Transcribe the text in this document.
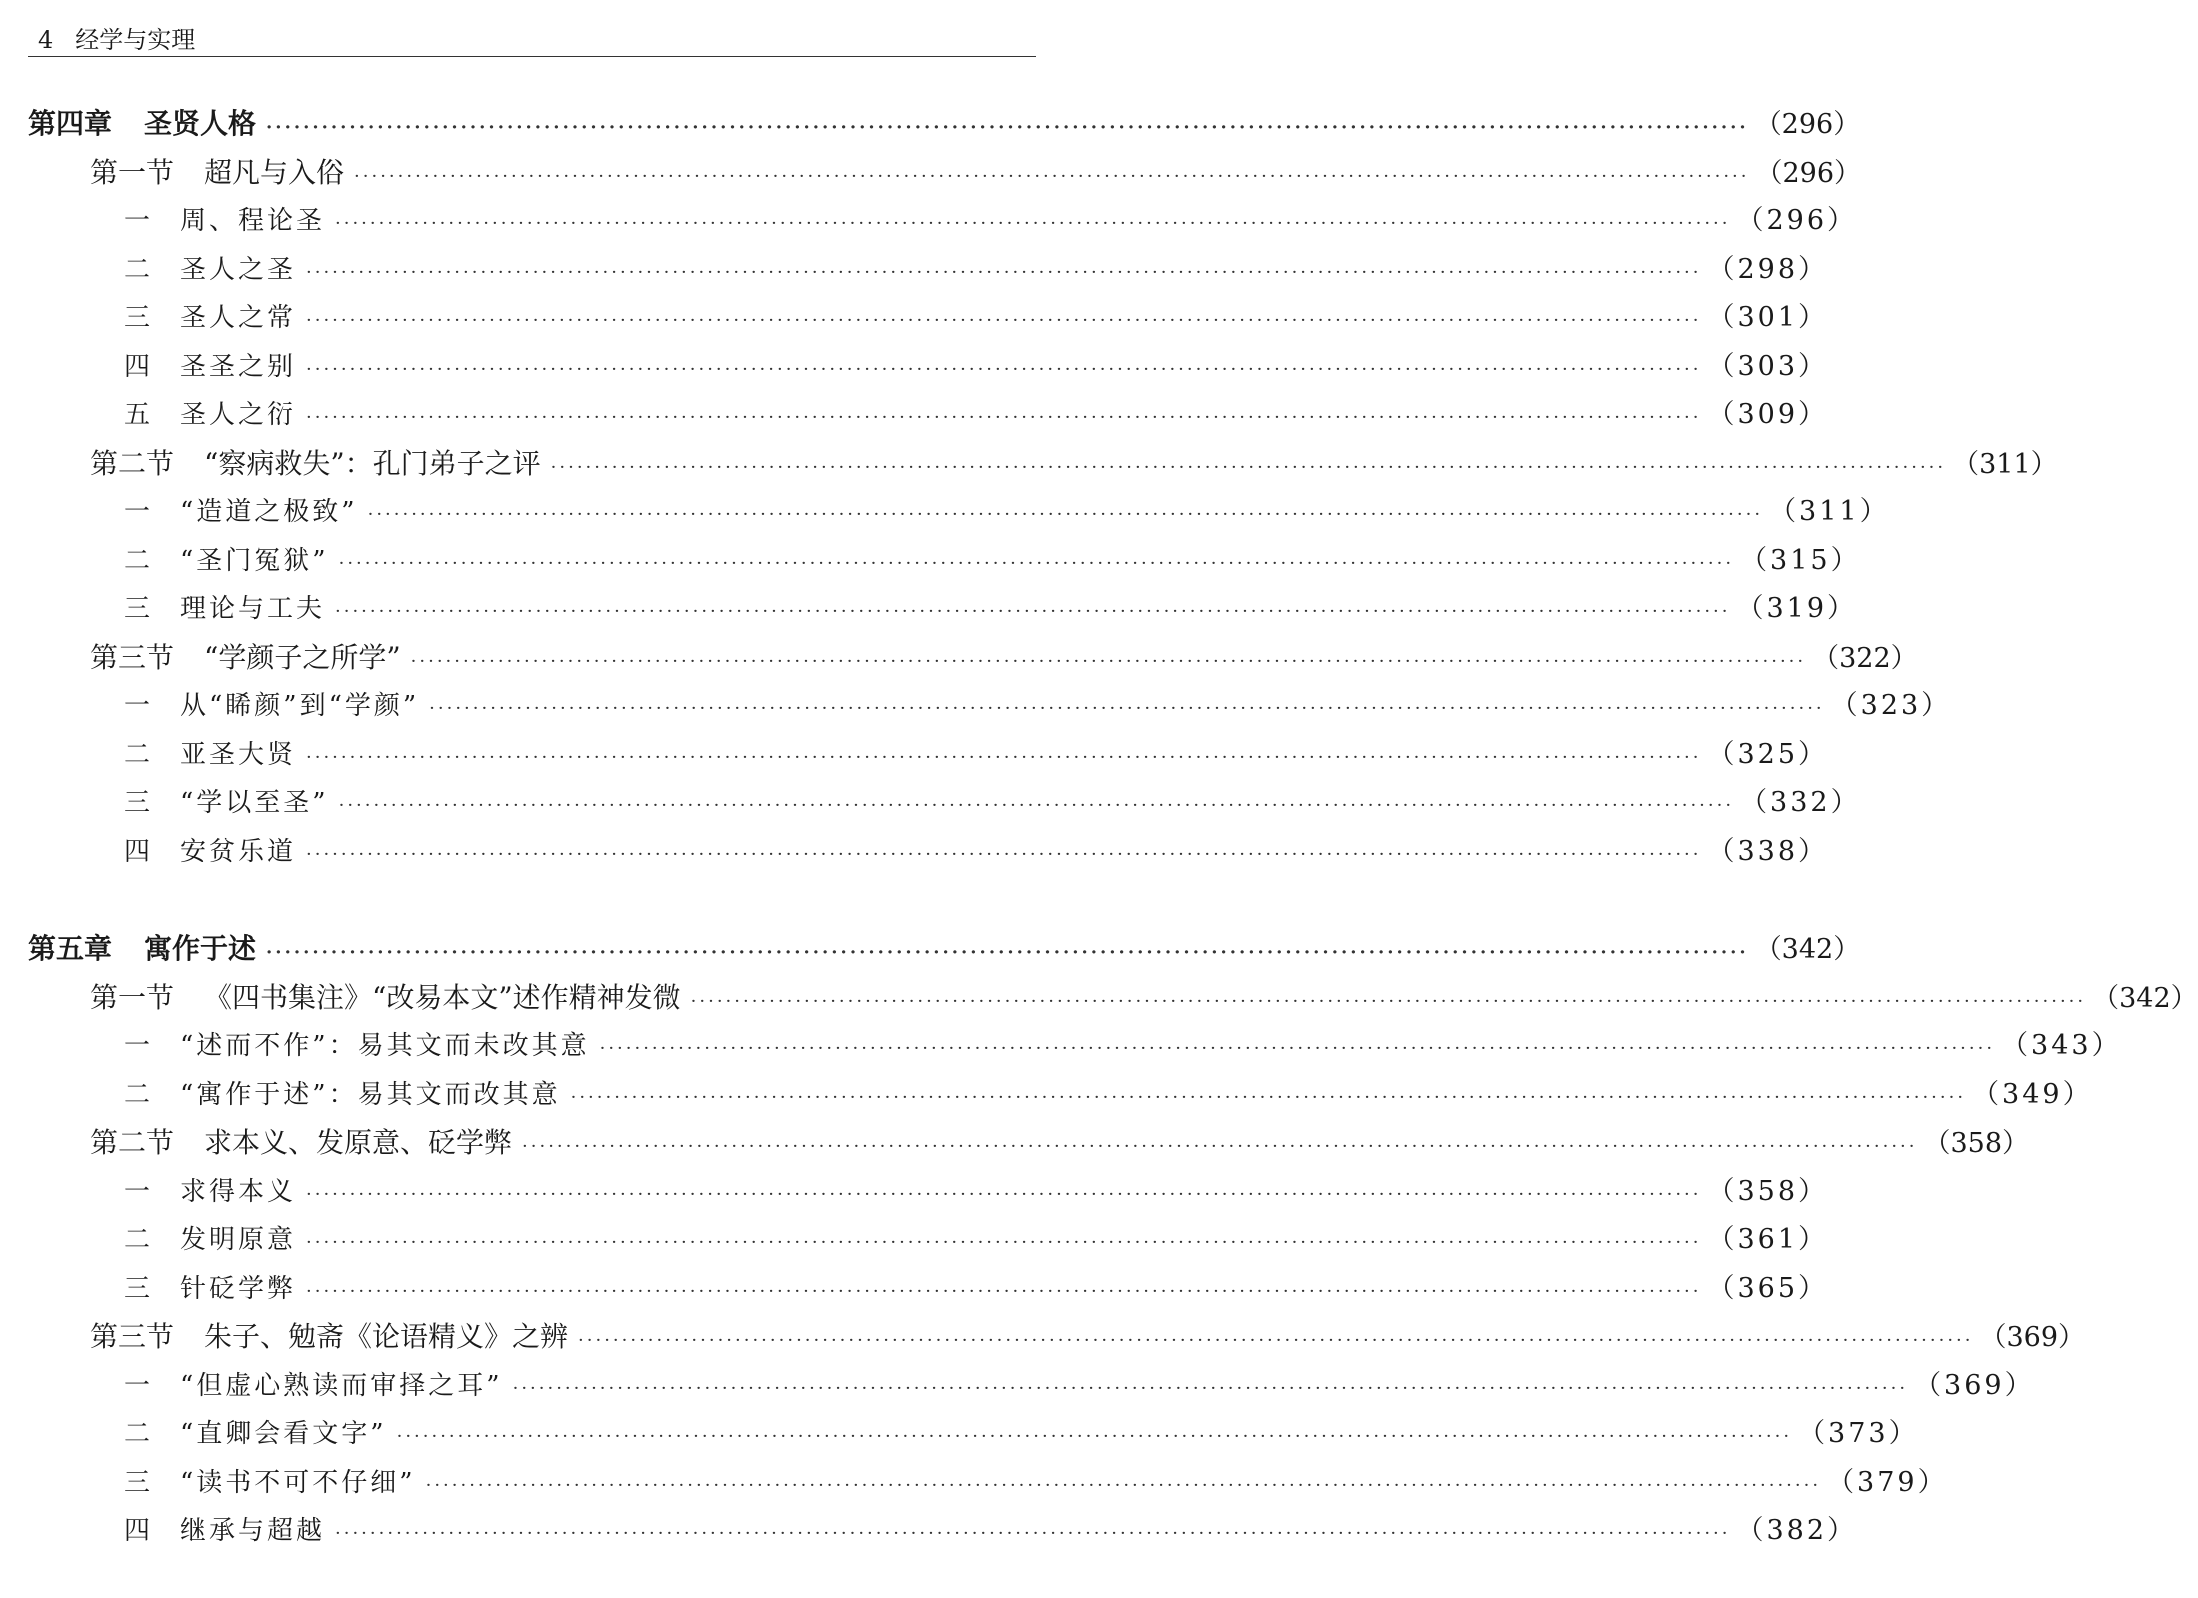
4 经学与实理
第四章 圣贤人格 ································································································································································ （296）
第一节 超凡与入俗 ································································································································································ （296）
一	周、程论圣 ································································································································································ （296）
二	圣人之圣 ································································································································································ （298）
三	圣人之常 ································································································································································ （301）
四	圣圣之别 ································································································································································ （303）
五	圣人之衍 ································································································································································ （309）
第二节 “察病救失”：孔门弟子之评 ································································································································································ （311）
一	“造道之极致” ································································································································································ （311）
二	“圣门冤狱” ································································································································································ （315）
三	理论与工夫 ································································································································································ （319）
第三节 “学颜子之所学” ································································································································································ （322）
一	从“睎颜”到“学颜” ································································································································································ （323）
二	亚圣大贤 ································································································································································ （325）
三	“学以至圣” ································································································································································ （332）
四	安贫乐道 ································································································································································ （338）
第五章 寓作于述 ································································································································································ （342）
第一节 《四书集注》“改易本文”述作精神发微 ································································································································································ （342）
一	“述而不作”：易其文而未改其意 ································································································································································ （343）
二	“寓作于述”：易其文而改其意 ································································································································································ （349）
第二节 求本义、发原意、砭学弊 ································································································································································ （358）
一	求得本义 ································································································································································ （358）
二	发明原意 ································································································································································ （361）
三	针砭学弊 ································································································································································ （365）
第三节 朱子、勉斋《论语精义》之辨 ································································································································································ （369）
一	“但虚心熟读而审择之耳” ································································································································································ （369）
二	“直卿会看文字” ································································································································································ （373）
三	“读书不可不仔细” ································································································································································ （379）
四	继承与超越 ································································································································································ （382）
